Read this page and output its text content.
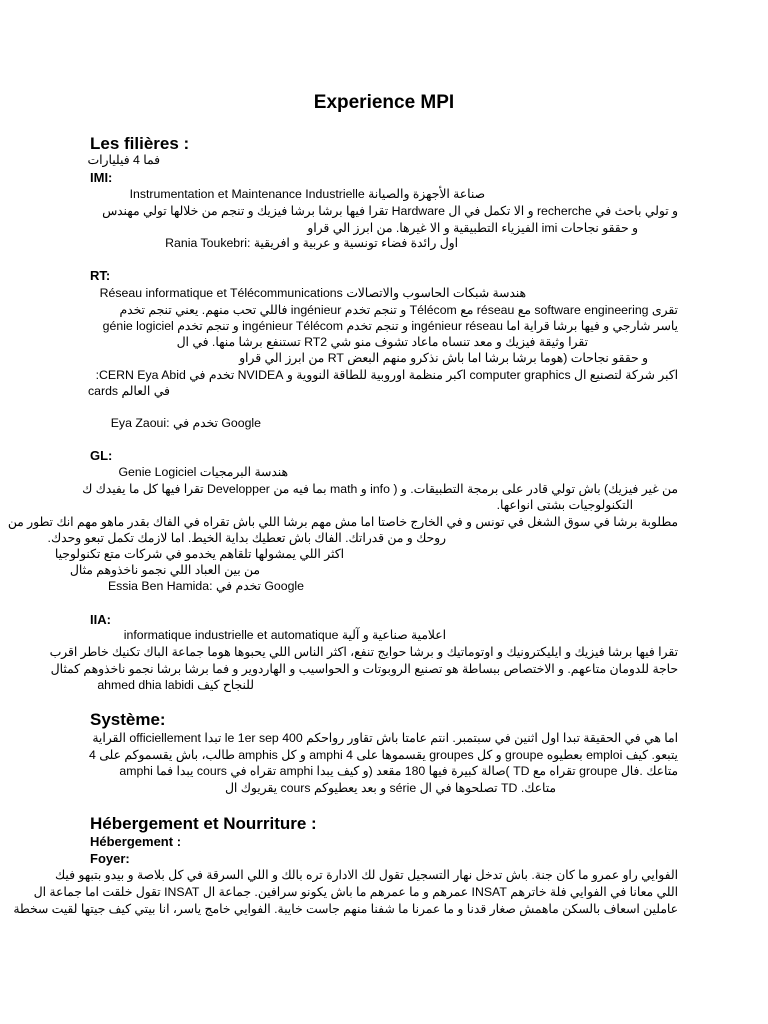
Experience MPI
Les filières :
فما 4 فيليارات
IMI:
صناعة الأجهزة والصيانة Instrumentation et Maintenance Industrielle
و تولي باحث في recherche و الا تكمل في ال Hardware تقرا فيها برشا برشا فيزيك و تنجم من خلالها تولي مهندس
و حققو نجاحات imi الفيزياء التطبيقية و الا غيرها. من ابرز الي قراو
اول رائدة فضاء تونسية و عربية و افريقية :Rania Toukebri
RT:
هندسة شبكات الحاسوب والاتصالات Réseau informatique et Télécommunications
تقرى software engineering مع réseau مع Télécom و تنجم تخدم ingénieur فاللي تحب منهم. يعني تنجم تخدم
génie logiciel و تنجم تخدم ingénieur Télécom و تنجم تخدم ingénieur réseau ياسر شارجي و فيها برشا قراية اما
تقرا وثيقة فيزيك و معد تنساه ماعاد تشوف منو شي RT2 تستنفع برشا منها. في ال
و حققو نجاحات (هوما برشا برشا اما باش نذكرو منهم البعض RT من ابرز الي قراو
اكبر شركة لتصنيع ال computer graphics اكبر منظمة اوروبية للطاقة النووية و NVIDEA تخدم في CERN Eya Abid:
cards في العالم
Eya Zaoui: تخدم في Google
GL:
هندسة البرمجيات Genie Logiciel
من غير فيزيك) باش تولي قادر على برمجة التطبيقات. و ( info و math بما فيه من Developper تقرا فيها كل ما يفيدك ك
التكنولوجيات بشتى انواعها.
مطلوبة برشا في سوق الشغل في تونس و في الخارج خاصتا اما مش مهم برشا اللي باش تقراه في الفاك بقدر ماهو مهم انك تطور من
روحك و من قدراتك. الفاك باش تعطيك بداية الخيط. اما لازمك تكمل تبعو وحدك.
اكثر اللي يمشولها تلقاهم يخدمو في شركات متع تكنولوجيا
من بين العباد اللي نجمو ناخذوهم مثال
Essia Ben Hamida: تخدم في Google
IIA:
اعلامية صناعية و آلية informatique industrielle et automatique
تقرا فيها برشا فيزيك و ايليكترونيك و اوتوماتيك و برشا حوايج تنفع، اكثر الناس اللي يحبوها هوما جماعة الباك تكنيك خاطر اقرب
حاجة للدومان متاعهم. و الاختصاص ببساطة هو تصنيع الروبوتات و الحواسيب و الهاردوير و فما برشا برشا نجمو ناخذوهم كمثال
للنجاح كيف ahmed dhia labidi
Système:
اما هي في الحقيقة تبدا اول اثنين في سبتمبر. انتم عامتا باش تقاور رواحكم 400 le 1er sep تبدا officiellement القراية
يتبعو. كيف emploi بعطيوه groupe و كل groupes يقسموها على 4 amphi و كل amphis طالب، باش يقسموكم على 4
متاعك .فال groupe تقراه مع TD )صالة كبيرة فيها 180 مقعد (و كيف يبدا amphi تقراه في cours يبدا فما amphi
متاعك. TD تصلحوها في ال série و بعد يعطيوكم cours يقريوك ال
Hébergement et Nourriture :
Hébergement :
Foyer:
الفوايي راو عمرو ما كان جنة. باش تدخل نهار التسجيل تقول لك الادارة تره بالك و اللي السرقة في كل بلاصة و بيدو بتبهو فيك
اللي معانا في الفوايي فلة خاترهم INSAT عمرهم و ما عمرهم ما باش يكونو سرافين. جماعة ال INSAT تقول خلقت اما جماعة ال
عاملين اسعاف بالسكن ماهمش صغار قدنا و ما عمرنا ما شفنا منهم جاست خايبة. الفوايي خامج ياسر، انا بيتي كيف جيتها لقيت سخطة
